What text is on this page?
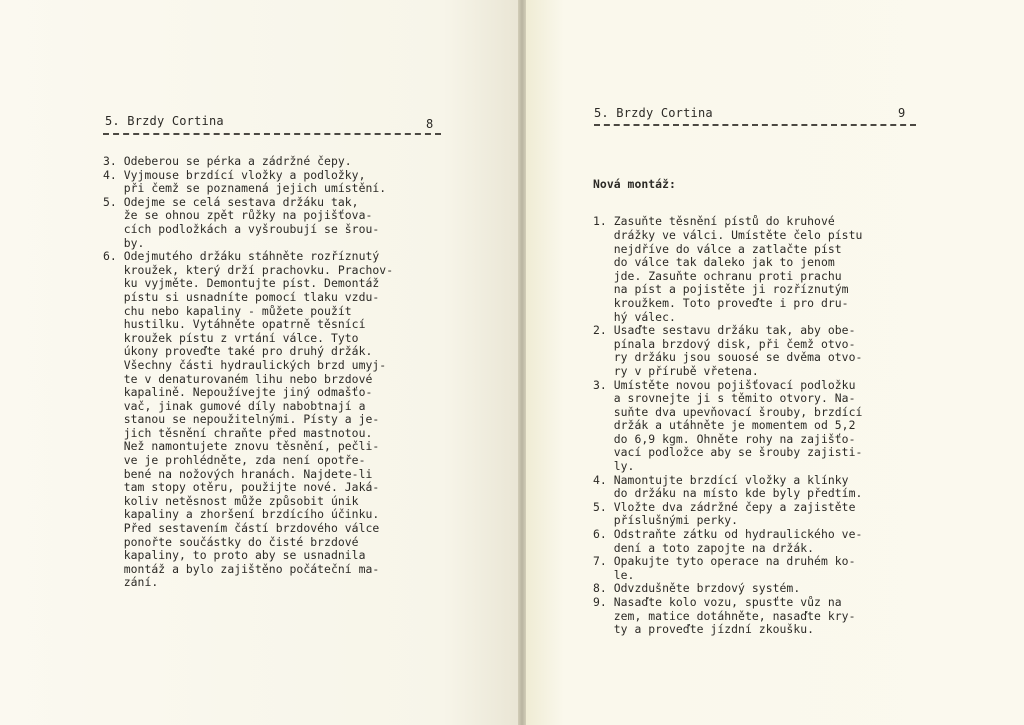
5. Brzdy Cortina	8
3. Odeberou se pérka a zádržné čepy.
4. Vyjmouse brzdící vložky a podložky,
při čemž se poznamená jejich umístění.
5. Odejme se celá sestava držáku tak,
že se ohnou zpět růžky na pojišťova-
cích podložkách a vyšroubují se šrou-
by.
6. Odejmutého držáku stáhněte rozříznutý
kroužek, který drží prachovku. Prachov-
ku vyjměte. Demontujte píst. Demontáž
pístu si usnadníte pomocí tlaku vzdu-
chu nebo kapaliny - můžete použít
hustilku. Vytáhněte opatrně těsnící
kroužek pístu z vrtání válce. Tyto
úkony proveďte také pro druhý držák.
Všechny části hydraulických brzd umyj-
te v denaturovaném lihu nebo brzdové
kapalině. Nepoužívejte jiný odmašťo-
vač, jinak gumové díly nabobtnají a
stanou se nepoužitelnými. Písty a je-
jich těsnění chraňte před mastnotou.
Než namontujete znovu těsnění, pečli-
ve je prohlédněte, zda není opotře-
bené na nožových hranách. Najdete-li
tam stopy otěru, použijte nové. Jaká-
koliv netěsnost může způsobit únik
kapaliny a zhoršení brzdícího účinku.
Před sestavením částí brzdového válce
ponořte součástky do čisté brzdové
kapaliny, to proto aby se usnadnila
montáž a bylo zajištěno počáteční ma-
zání.
5. Brzdy Cortina	9

Nová montáž:

1. Zasuňte těsnění pístů do kruhové
drážky ve válci. Umístěte čelo pístu
nejdříve do válce a zatlačte píst
do válce tak daleko jak to jenom
jde. Zasuňte ochranu proti prachu
na píst a pojistěte ji rozříznutým
kroužkem. Toto proveďte i pro dru-
hý válec.
2. Usaďte sestavu držáku tak, aby obe-
pínala brzdový disk, při čemž otvo-
ry držáku jsou souosé se dvěma otvo-
ry v přírubě vřetena.
3. Umístěte novou pojišťovací podložku
a srovnejte ji s těmito otvory. Na-
suňte dva upevňovací šrouby, brzdící
držák a utáhněte je momentem od 5,2
do 6,9 kgm. Ohněte rohy na zajišťo-
vací podložce aby se šrouby zajisti-
ly.
4. Namontujte brzdící vložky a klínky
do držáku na místo kde byly předtím.
5. Vložte dva zádržné čepy a zajistěte
příslušnými perky.
6. Odstraňte zátku od hydraulického ve-
dení a toto zapojte na držák.
7. Opakujte tyto operace na druhém ko-
le.
8. Odvzdušněte brzdový systém.
9. Nasaďte kolo vozu, spusťte vůz na
zem, matice dotáhněte, nasaďte kry-
ty a proveďte jízdní zkoušku.
